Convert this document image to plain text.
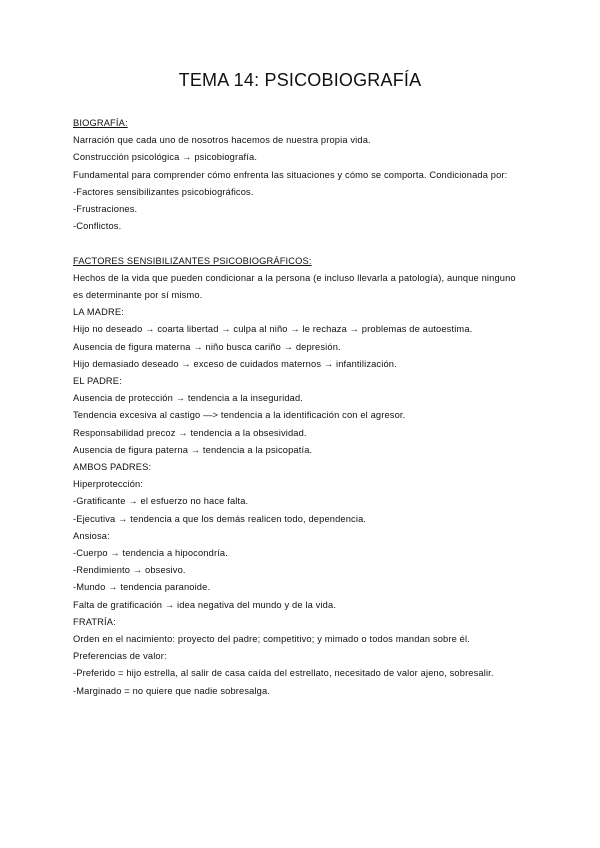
TEMA 14: PSICOBIOGRAFÍA
BIOGRAFÍA:
Narración que cada uno de nosotros hacemos de nuestra propia vida.
Construcción psicológica → psicobiografía.
Fundamental para comprender cómo enfrenta las situaciones y cómo se comporta. Condicionada por:
-Factores sensibilizantes psicobiográficos.
-Frustraciones.
-Conflictos.
FACTORES SENSIBILIZANTES PSICOBIOGRÁFICOS:
Hechos de la vida que pueden condicionar a la persona (e incluso llevarla a patología), aunque ninguno es determinante por sí mismo.
LA MADRE:
Hijo no deseado → coarta libertad → culpa al niño → le rechaza → problemas de autoestima.
Ausencia de figura materna → niño busca cariño → depresión.
Hijo demasiado deseado → exceso de cuidados maternos → infantilización.
EL PADRE:
Ausencia de protección → tendencia a la inseguridad.
Tendencia excesiva al castigo —> tendencia a la identificación con el agresor.
Responsabilidad precoz → tendencia a la obsesividad.
Ausencia de figura paterna → tendencia a la psicopatía.
AMBOS PADRES:
Hiperprotección:
-Gratificante → el esfuerzo no hace falta.
-Ejecutiva → tendencia a que los demás realicen todo, dependencia.
Ansiosa:
-Cuerpo → tendencia a hipocondría.
-Rendimiento → obsesivo.
-Mundo → tendencia paranoide.
Falta de gratificación → idea negativa del mundo y de la vida.
FRATRÍA:
Orden en el nacimiento: proyecto del padre; competitivo; y mimado o todos mandan sobre él.
Preferencias de valor:
-Preferido = hijo estrella, al salir de casa caída del estrellato, necesitado de valor ajeno, sobresalir.
-Marginado = no quiere que nadie sobresalga.
